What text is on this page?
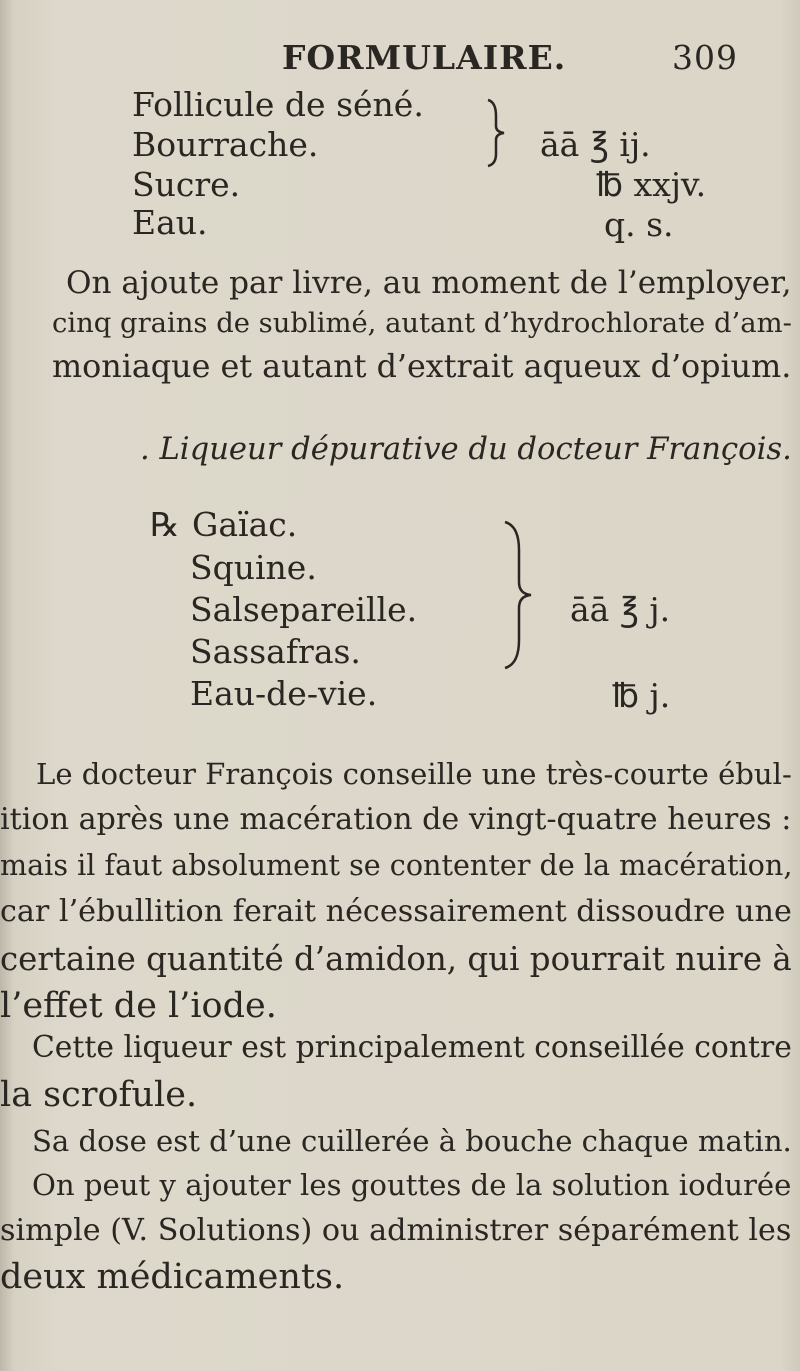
FORMULAIRE.	309
Follicule de séné.
Bourrache.
Sucre.
Eau.
āā ℥ ij.
℔ xxjv.
q. s.
On ajoute par livre, au moment de l’employer,
cinq grains de sublimé, autant d’hydrochlorate d’am-
moniaque et autant d’extrait aqueux d’opium.
. Liqueur dépurative du docteur François.
℞ Gaïac.
Squine.
Salsepareille.
Sassafras.
Eau-de-vie.
āā ℥ j.
℔ j.
Le docteur François conseille une très-courte ébul-
ition après une macération de vingt-quatre heures :
mais il faut absolument se contenter de la macération,
car l’ébullition ferait nécessairement dissoudre une
certaine quantité d’amidon, qui pourrait nuire à
l’effet de l’iode.
Cette liqueur est principalement conseillée contre
la scrofule.
Sa dose est d’une cuillerée à bouche chaque matin.
On peut y ajouter les gouttes de la solution iodurée
simple (V. Solutions) ou administrer séparément les
deux médicaments.
